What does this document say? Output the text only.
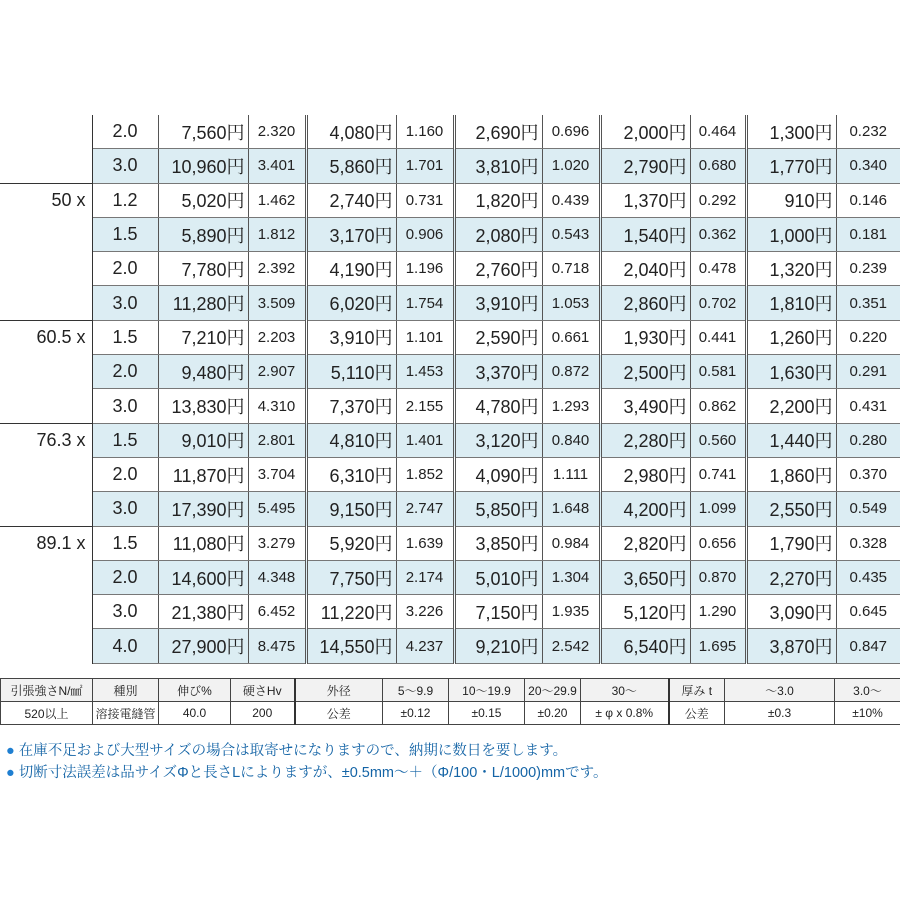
	2.0	7,560円	2.320	4,080円	1.160	2,690円	0.696	2,000円	0.464	1,300円	0.232
	3.0	10,960円	3.401	5,860円	1.701	3,810円	1.020	2,790円	0.680	1,770円	0.340
50 x	1.2	5,020円	1.462	2,740円	0.731	1,820円	0.439	1,370円	0.292	910円	0.146
	1.5	5,890円	1.812	3,170円	0.906	2,080円	0.543	1,540円	0.362	1,000円	0.181
	2.0	7,780円	2.392	4,190円	1.196	2,760円	0.718	2,040円	0.478	1,320円	0.239
	3.0	11,280円	3.509	6,020円	1.754	3,910円	1.053	2,860円	0.702	1,810円	0.351
60.5 x	1.5	7,210円	2.203	3,910円	1.101	2,590円	0.661	1,930円	0.441	1,260円	0.220
	2.0	9,480円	2.907	5,110円	1.453	3,370円	0.872	2,500円	0.581	1,630円	0.291
	3.0	13,830円	4.310	7,370円	2.155	4,780円	1.293	3,490円	0.862	2,200円	0.431
76.3 x	1.5	9,010円	2.801	4,810円	1.401	3,120円	0.840	2,280円	0.560	1,440円	0.280
	2.0	11,870円	3.704	6,310円	1.852	4,090円	1.111	2,980円	0.741	1,860円	0.370
	3.0	17,390円	5.495	9,150円	2.747	5,850円	1.648	4,200円	1.099	2,550円	0.549
89.1 x	1.5	11,080円	3.279	5,920円	1.639	3,850円	0.984	2,820円	0.656	1,790円	0.328
	2.0	14,600円	4.348	7,750円	2.174	5,010円	1.304	3,650円	0.870	2,270円	0.435
	3.0	21,380円	6.452	11,220円	3.226	7,150円	1.935	5,120円	1.290	3,090円	0.645
	4.0	27,900円	8.475	14,550円	4.237	9,210円	2.542	6,540円	1.695	3,870円	0.847
引張強さN/㎟	種別	伸び%	硬さHv	外径	5〜9.9	10〜19.9	20〜29.9	30〜	厚み t	〜3.0	3.0〜
520以上	溶接電縫管	40.0	200	公差	±0.12	±0.15	±0.20	± φ x 0.8%	公差	±0.3	±10%
● 在庫不足および大型サイズの場合は取寄せになりますので、納期に数日を要します。
● 切断寸法誤差は品サイズΦと長さLによりますが、±0.5mm〜＋（Φ/100・L/1000)mmです。
